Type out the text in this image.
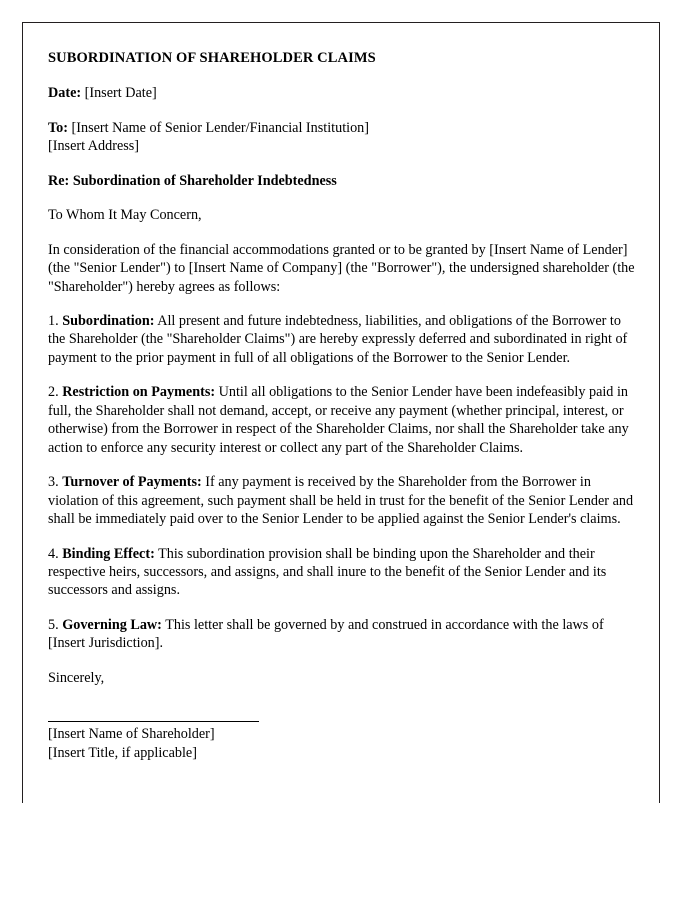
SUBORDINATION OF SHAREHOLDER CLAIMS
Date: [Insert Date]
To: [Insert Name of Senior Lender/Financial Institution]
[Insert Address]
Re: Subordination of Shareholder Indebtedness
To Whom It May Concern,
In consideration of the financial accommodations granted or to be granted by [Insert Name of Lender] (the "Senior Lender") to [Insert Name of Company] (the "Borrower"), the undersigned shareholder (the "Shareholder") hereby agrees as follows:
1. Subordination: All present and future indebtedness, liabilities, and obligations of the Borrower to the Shareholder (the "Shareholder Claims") are hereby expressly deferred and subordinated in right of payment to the prior payment in full of all obligations of the Borrower to the Senior Lender.
2. Restriction on Payments: Until all obligations to the Senior Lender have been indefeasibly paid in full, the Shareholder shall not demand, accept, or receive any payment (whether principal, interest, or otherwise) from the Borrower in respect of the Shareholder Claims, nor shall the Shareholder take any action to enforce any security interest or collect any part of the Shareholder Claims.
3. Turnover of Payments: If any payment is received by the Shareholder from the Borrower in violation of this agreement, such payment shall be held in trust for the benefit of the Senior Lender and shall be immediately paid over to the Senior Lender to be applied against the Senior Lender's claims.
4. Binding Effect: This subordination provision shall be binding upon the Shareholder and their respective heirs, successors, and assigns, and shall inure to the benefit of the Senior Lender and its successors and assigns.
5. Governing Law: This letter shall be governed by and construed in accordance with the laws of [Insert Jurisdiction].
Sincerely,
[Insert Name of Shareholder]
[Insert Title, if applicable]
